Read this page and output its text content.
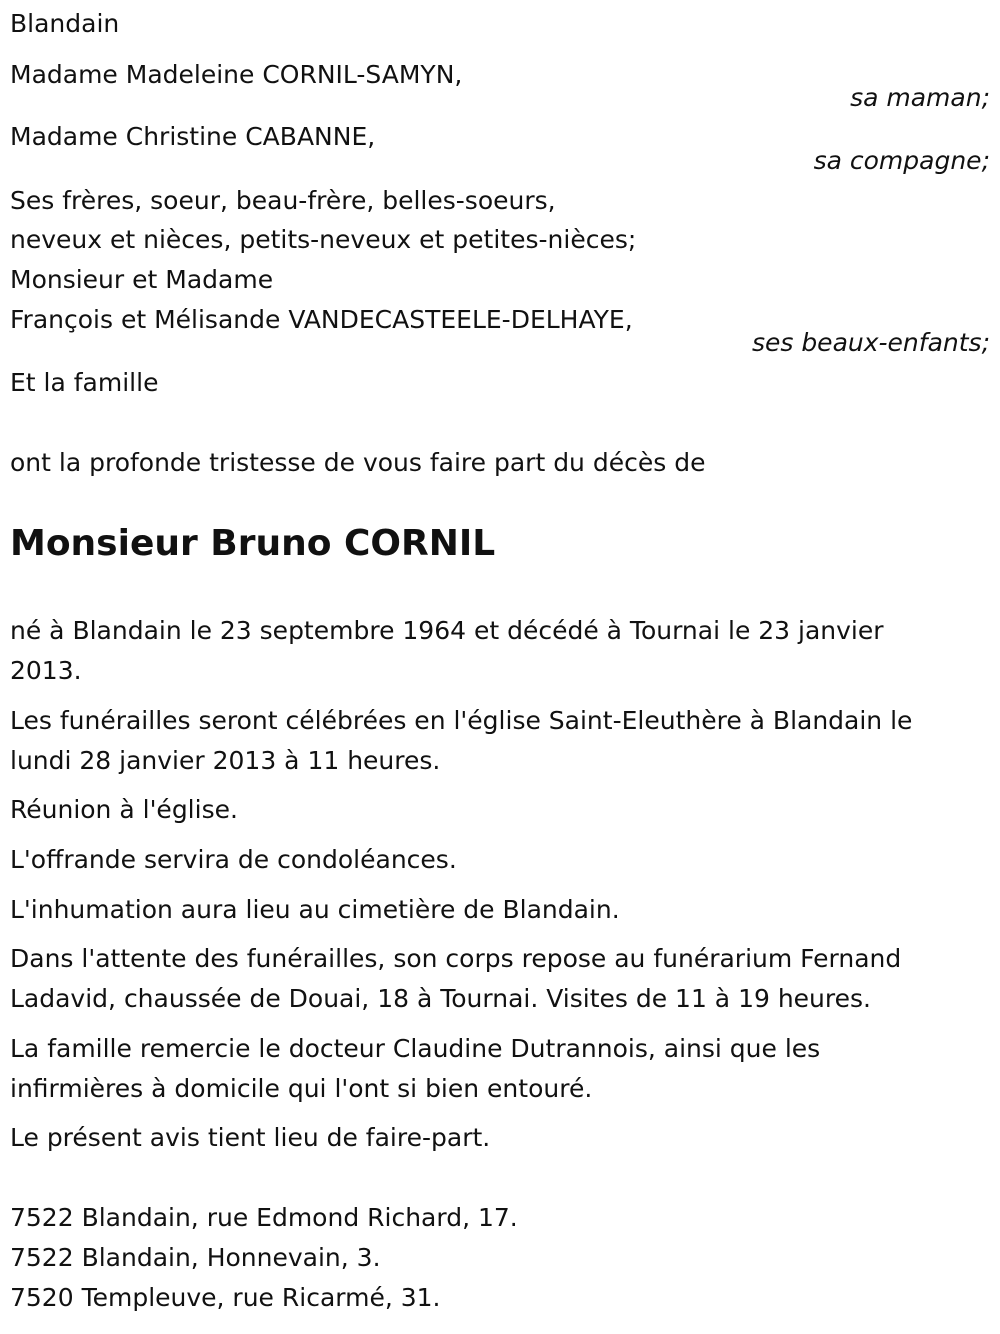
Blandain
Madame Madeleine CORNIL-SAMYN,
sa maman;
Madame Christine CABANNE,
sa compagne;
Ses frères, soeur, beau-frère, belles-soeurs,
neveux et nièces, petits-neveux et petites-nièces;
Monsieur et Madame
François et Mélisande VANDECASTEELE-DELHAYE,
ses beaux-enfants;
Et la famille
ont la profonde tristesse de vous faire part du décès de
Monsieur Bruno CORNIL
né à Blandain le 23 septembre 1964 et décédé à Tournai le 23 janvier
2013.
Les funérailles seront célébrées en l'église Saint-Eleuthère à Blandain le
lundi 28 janvier 2013 à 11 heures.
Réunion à l'église.
L'offrande servira de condoléances.
L'inhumation aura lieu au cimetière de Blandain.
Dans l'attente des funérailles, son corps repose au funérarium Fernand
Ladavid, chaussée de Douai, 18 à Tournai. Visites de 11 à 19 heures.
La famille remercie le docteur Claudine Dutrannois, ainsi que les
infirmières à domicile qui l'ont si bien entouré.
Le présent avis tient lieu de faire-part.
7522 Blandain, rue Edmond Richard, 17.
7522 Blandain, Honnevain, 3.
7520 Templeuve, rue Ricarmé, 31.
